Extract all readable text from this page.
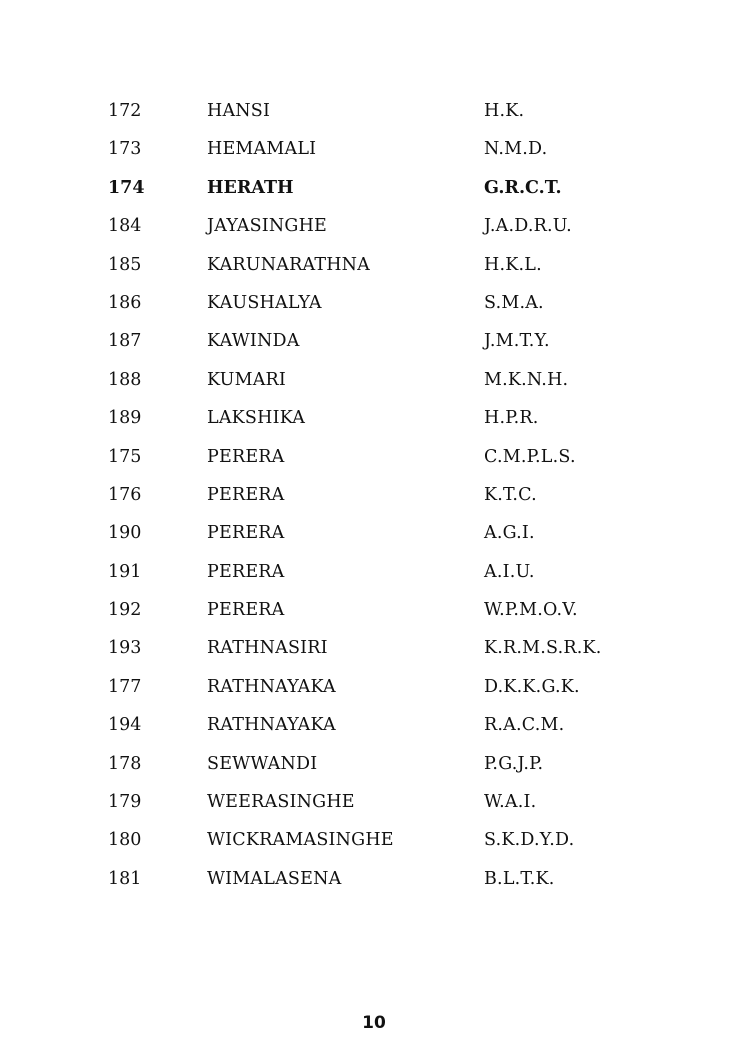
172	HANSI	H.K.
173	HEMAMALI	N.M.D.
174	HERATH	G.R.C.T.
184	JAYASINGHE	J.A.D.R.U.
185	KARUNARATHNA	H.K.L.
186	KAUSHALYA	S.M.A.
187	KAWINDA	J.M.T.Y.
188	KUMARI	M.K.N.H.
189	LAKSHIKA	H.P.R.
175	PERERA	C.M.P.L.S.
176	PERERA	K.T.C.
190	PERERA	A.G.I.
191	PERERA	A.I.U.
192	PERERA	W.P.M.O.V.
193	RATHNASIRI	K.R.M.S.R.K.
177	RATHNAYAKA	D.K.K.G.K.
194	RATHNAYAKA	R.A.C.M.
178	SEWWANDI	P.G.J.P.
179	WEERASINGHE	W.A.I.
180	WICKRAMASINGHE	S.K.D.Y.D.
181	WIMALASENA	B.L.T.K.
10
